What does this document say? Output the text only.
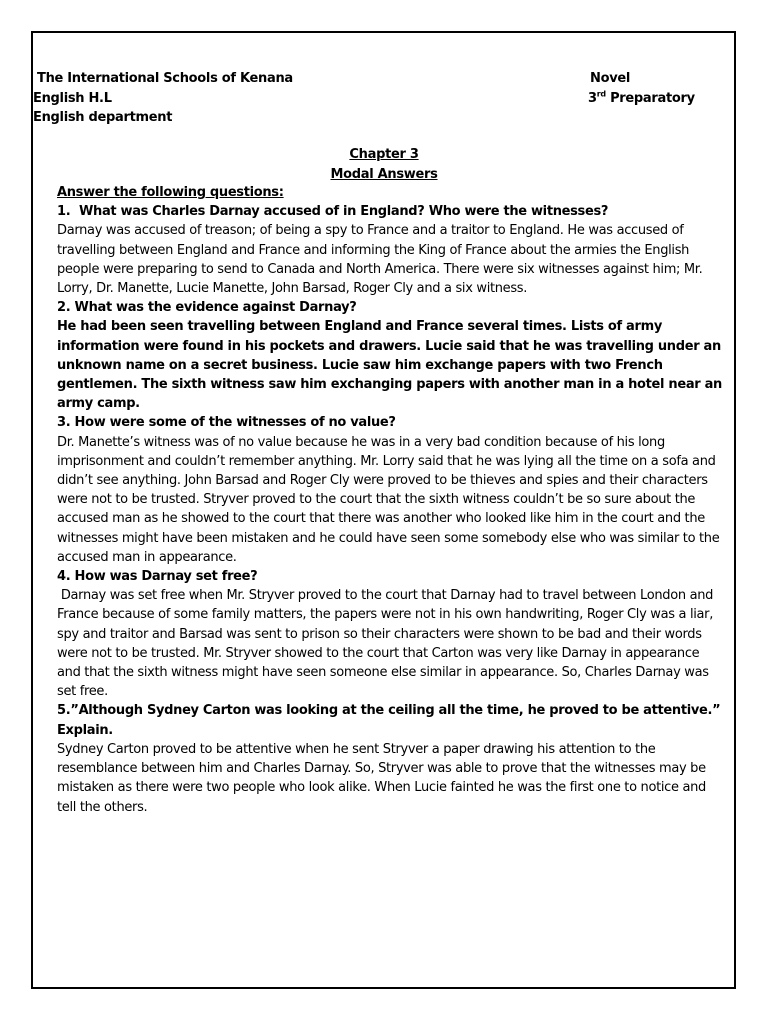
The International Schools of Kenana
English H.L
English department
Novel
3rd Preparatory
Chapter 3
Modal Answers

Answer the following questions:

1. What was Charles Darnay accused of in England? Who were the witnesses?

Darnay was accused of treason; of being a spy to France and a traitor to England. He was accused of travelling between England and France and informing the King of France about the armies the English people were preparing to send to Canada and North America. There were six witnesses against him; Mr. Lorry, Dr. Manette, Lucie Manette, John Barsad, Roger Cly and a six witness.

2. What was the evidence against Darnay?

He had been seen travelling between England and France several times. Lists of army information were found in his pockets and drawers. Lucie said that he was travelling under an unknown name on a secret business. Lucie saw him exchange papers with two French gentlemen. The sixth witness saw him exchanging papers with another man in a hotel near an army camp.

3. How were some of the witnesses of no value?

Dr. Manette’s witness was of no value because he was in a very bad condition because of his long imprisonment and couldn’t remember anything. Mr. Lorry said that he was lying all the time on a sofa and didn’t see anything. John Barsad and Roger Cly were proved to be thieves and spies and their characters were not to be trusted. Stryver proved to the court that the sixth witness couldn’t be so sure about the accused man as he showed to the court that there was another who looked like him in the court and the witnesses might have been mistaken and he could have seen some somebody else who was similar to the accused man in appearance.

4. How was Darnay set free?

Darnay was set free when Mr. Stryver proved to the court that Darnay had to travel between London and France because of some family matters, the papers were not in his own handwriting, Roger Cly was a liar, spy and traitor and Barsad was sent to prison so their characters were shown to be bad and their words were not to be trusted. Mr. Stryver showed to the court that Carton was very like Darnay in appearance and that the sixth witness might have seen someone else similar in appearance. So, Charles Darnay was set free.

5.”Although Sydney Carton was looking at the ceiling all the time, he proved to be attentive.” Explain.

Sydney Carton proved to be attentive when he sent Stryver a paper drawing his attention to the resemblance between him and Charles Darnay. So, Stryver was able to prove that the witnesses may be mistaken as there were two people who look alike. When Lucie fainted he was the first one to notice and tell the others.
